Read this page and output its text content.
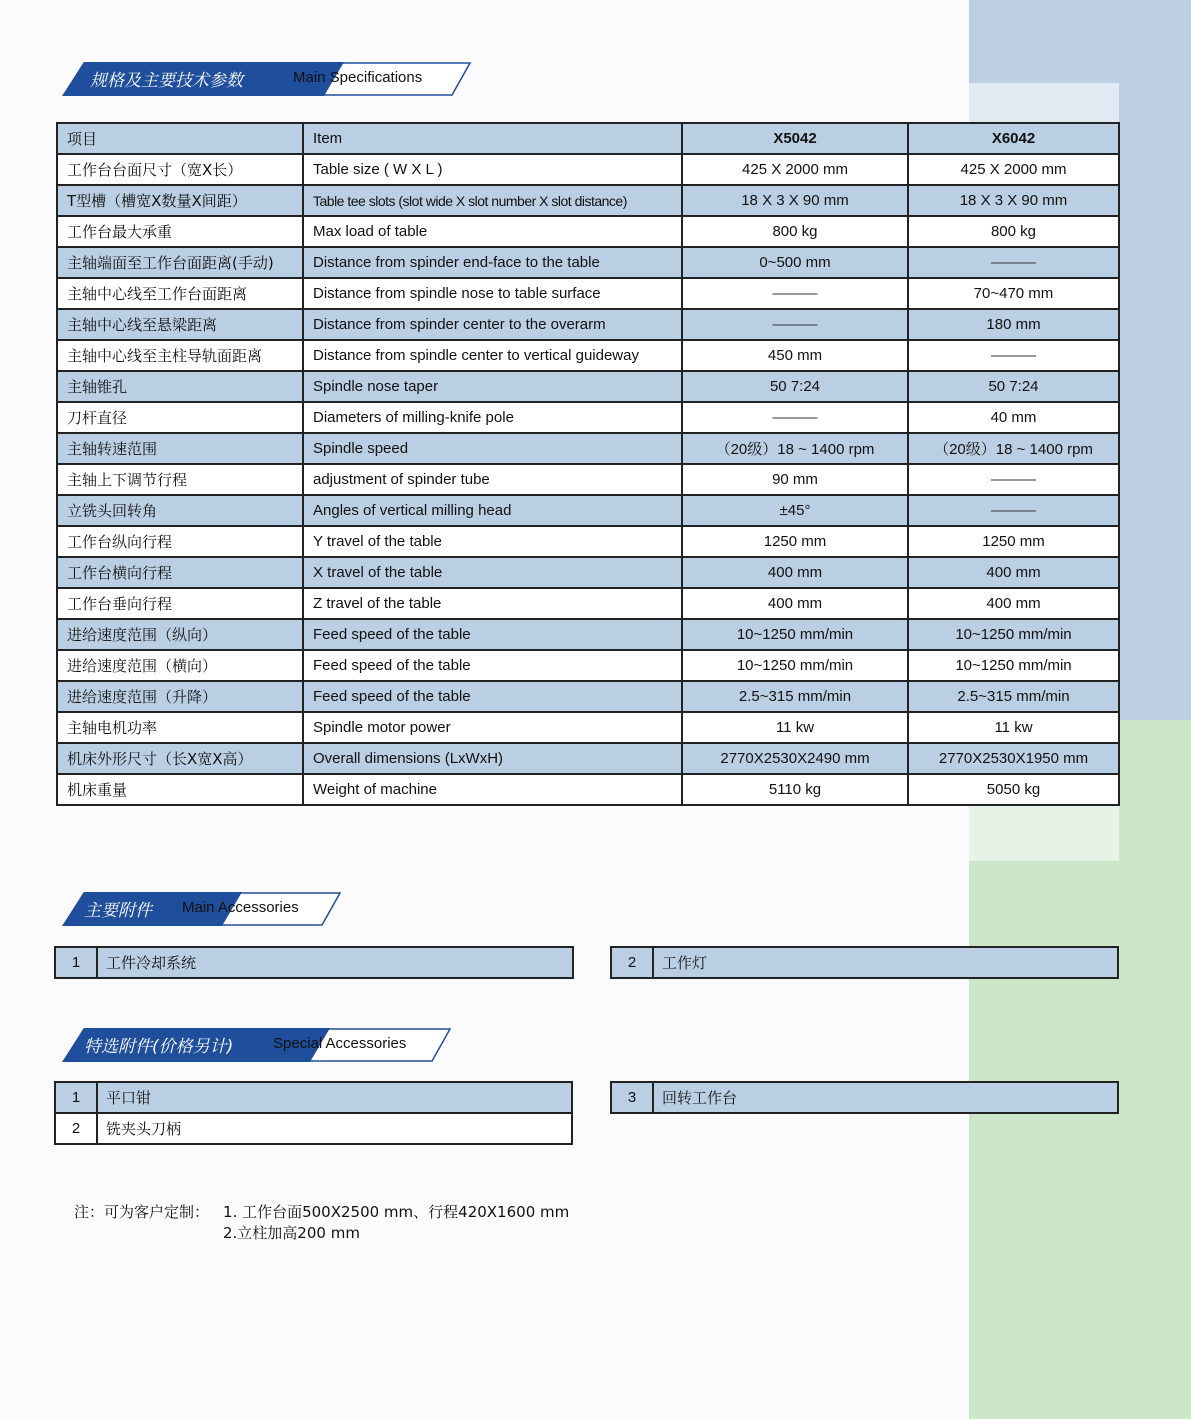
规格及主要技术参数	Main Specifications
项目	Item	X5042	X6042
工作台台面尺寸（宽X长）	Table size ( W X L )	425 X 2000 mm	425 X 2000 mm
T型槽（槽宽X数量X间距）	Table tee slots (slot wide X slot number X slot distance)	18 X 3 X 90 mm	18 X 3 X 90 mm
工作台最大承重	Max load of table	800 kg	800 kg
主轴端面至工作台面距离(手动)	Distance from spinder end-face to the table	0~500 mm	———
主轴中心线至工作台面距离	Distance from spindle nose to table surface	———	70~470 mm
主轴中心线至悬梁距离	Distance from spinder center to the overarm	———	180 mm
主轴中心线至主柱导轨面距离	Distance from spindle center to vertical guideway	450 mm	———
主轴锥孔	Spindle nose taper	50 7:24	50 7:24
刀杆直径	Diameters of milling-knife pole	———	40 mm
主轴转速范围	Spindle speed	（20级）18 ~ 1400 rpm	（20级）18 ~ 1400 rpm
主轴上下调节行程	adjustment of spinder tube	90 mm	———
立铣头回转角	Angles of vertical milling head	±45°	———
工作台纵向行程	Y travel of the table	1250 mm	1250 mm
工作台横向行程	X travel of the table	400 mm	400 mm
工作台垂向行程	Z travel of the table	400 mm	400 mm
进给速度范围（纵向）	Feed speed of the table	10~1250 mm/min	10~1250 mm/min
进给速度范围（横向）	Feed speed of the table	10~1250 mm/min	10~1250 mm/min
进给速度范围（升降）	Feed speed of the table	2.5~315 mm/min	2.5~315 mm/min
主轴电机功率	Spindle motor power	11 kw	11 kw
机床外形尺寸（长X宽X高）	Overall dimensions (LxWxH)	2770X2530X2490 mm	2770X2530X1950 mm
机床重量	Weight of machine	5110 kg	5050 kg
主要附件 Main Accessories
1	工件冷却系统	2	工作灯
特选附件(价格另计)	Special Accessories
1	平口钳
2	铣夹头刀柄
3	回转工作台
注：可为客户定制： 1. 工作台面500X2500 mm、行程420X1600 mm
2.立柱加高200 mm
